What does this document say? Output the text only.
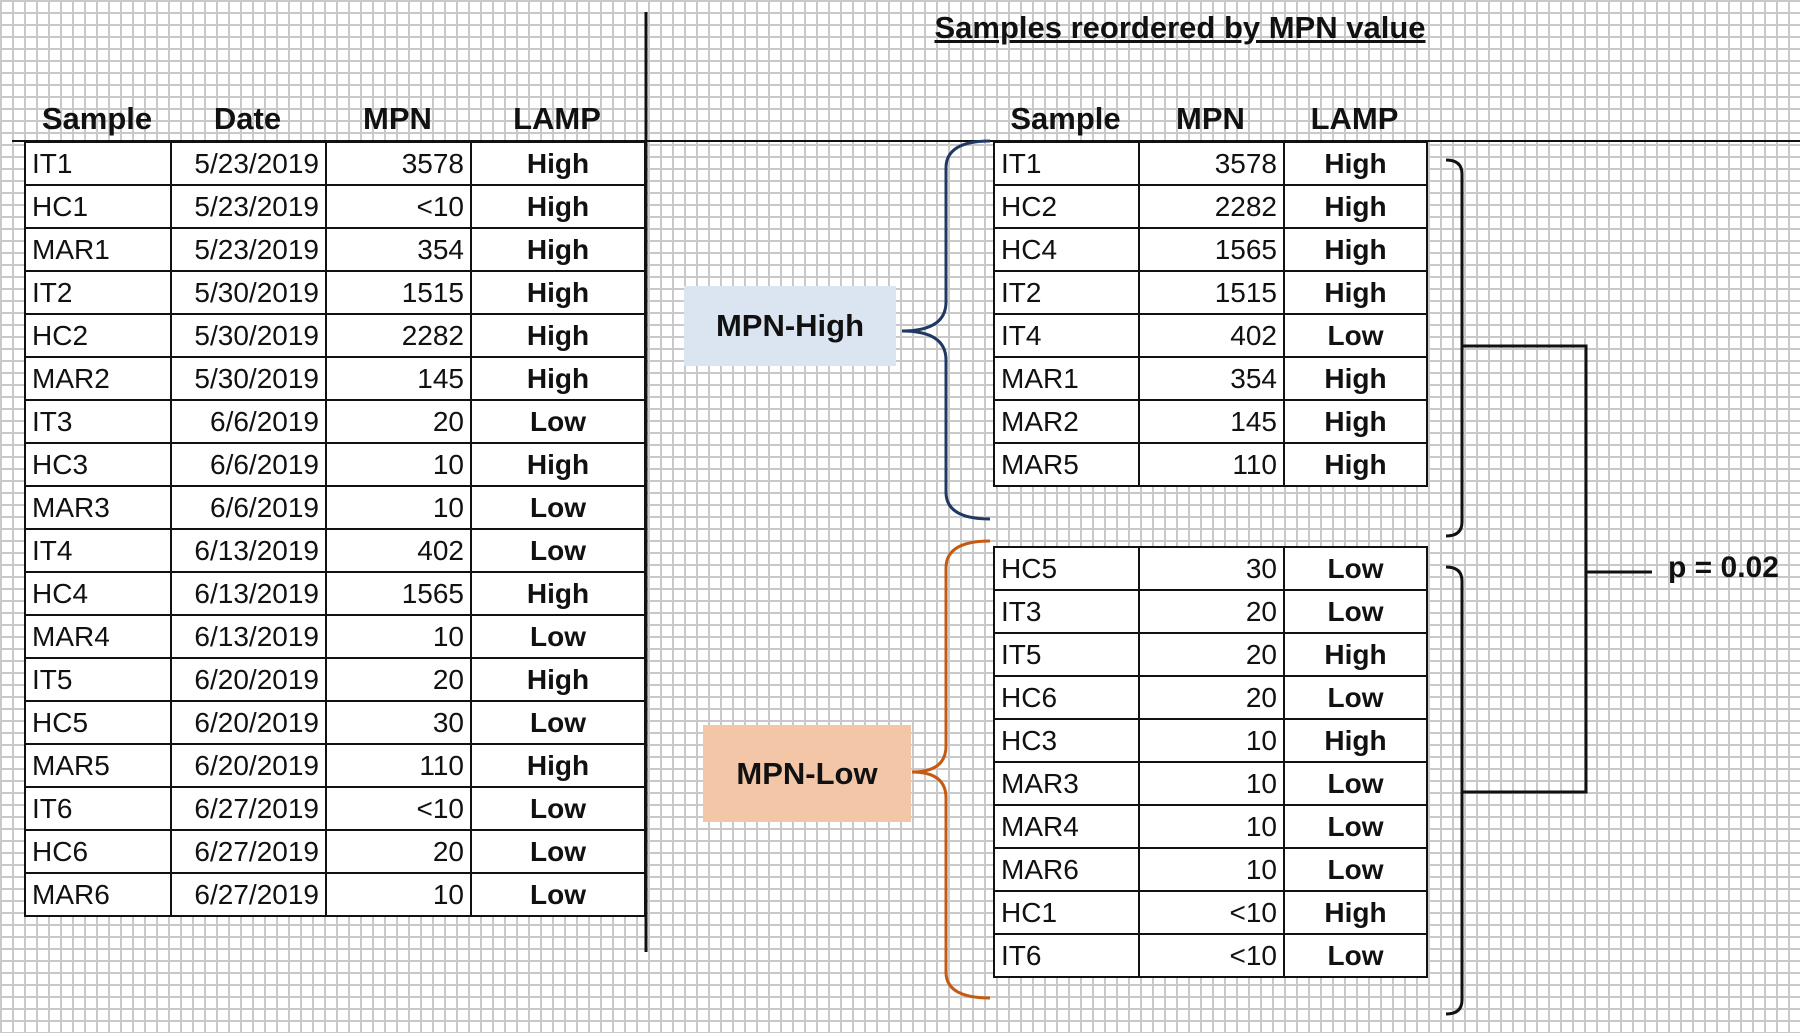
Sample	Date	MPN	LAMP
IT1	5/23/2019	3578	High
HC1	5/23/2019	<10	High
MAR1	5/23/2019	354	High
IT2	5/30/2019	1515	High
HC2	5/30/2019	2282	High
MAR2	5/30/2019	145	High
IT3	6/6/2019	20	Low
HC3	6/6/2019	10	High
MAR3	6/6/2019	10	Low
IT4	6/13/2019	402	Low
HC4	6/13/2019	1565	High
MAR4	6/13/2019	10	Low
IT5	6/20/2019	20	High
HC5	6/20/2019	30	Low
MAR5	6/20/2019	110	High
IT6	6/27/2019	<10	Low
HC6	6/27/2019	20	Low
MAR6	6/27/2019	10	Low
Samples reordered by MPN value
Sample	MPN	LAMP
IT1	3578	High
HC2	2282	High
HC4	1565	High
IT2	1515	High
IT4	402	Low
MAR1	354	High
MAR2	145	High
MAR5	110	High
HC5	30	Low
IT3	20	Low
IT5	20	High
HC6	20	Low
HC3	10	High
MAR3	10	Low
MAR4	10	Low
MAR6	10	Low
HC1	<10	High
IT6	<10	Low
MPN-High
MPN-Low
p = 0.02
